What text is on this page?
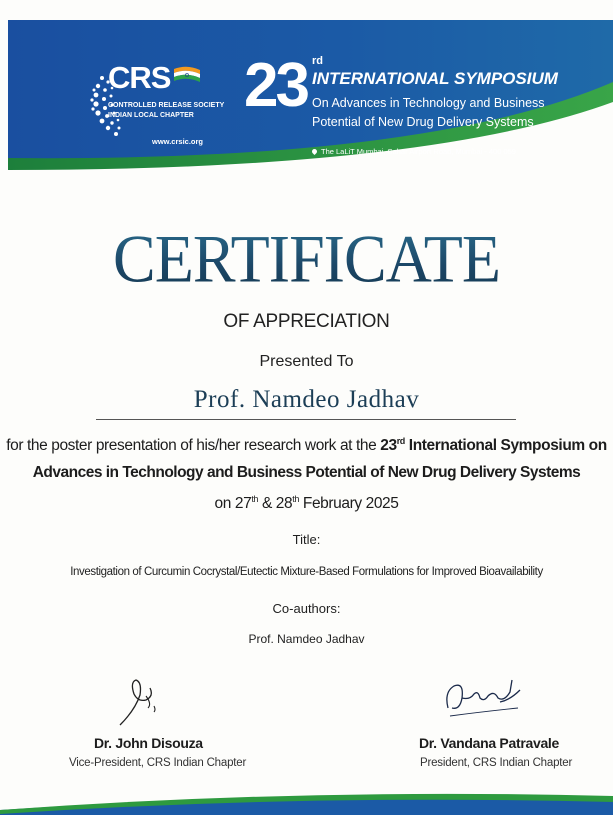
CRS
CONTROLLED RELEASE SOCIETY
INDIAN LOCAL CHAPTER
www.crsic.org
23 rd
INTERNATIONAL SYMPOSIUM
On Advances in Technology and Business
Potential of New Drug Delivery Systems
The LaLiT Mumbai, Sahar Airport Road, Mumbai - 400 059
CERTIFICATE
OF APPRECIATION
Presented To
Prof. Namdeo Jadhav
for the poster presentation of his/her research work at the 23rd International Symposium on
Advances in Technology and Business Potential of New Drug Delivery Systems
on 27th & 28th February 2025
Title:
Investigation of Curcumin Cocrystal/Eutectic Mixture-Based Formulations for Improved Bioavailability
Co-authors:
Prof. Namdeo Jadhav
Dr. John Disouza
Vice-President, CRS Indian Chapter
Dr. Vandana Patravale
President, CRS Indian Chapter
